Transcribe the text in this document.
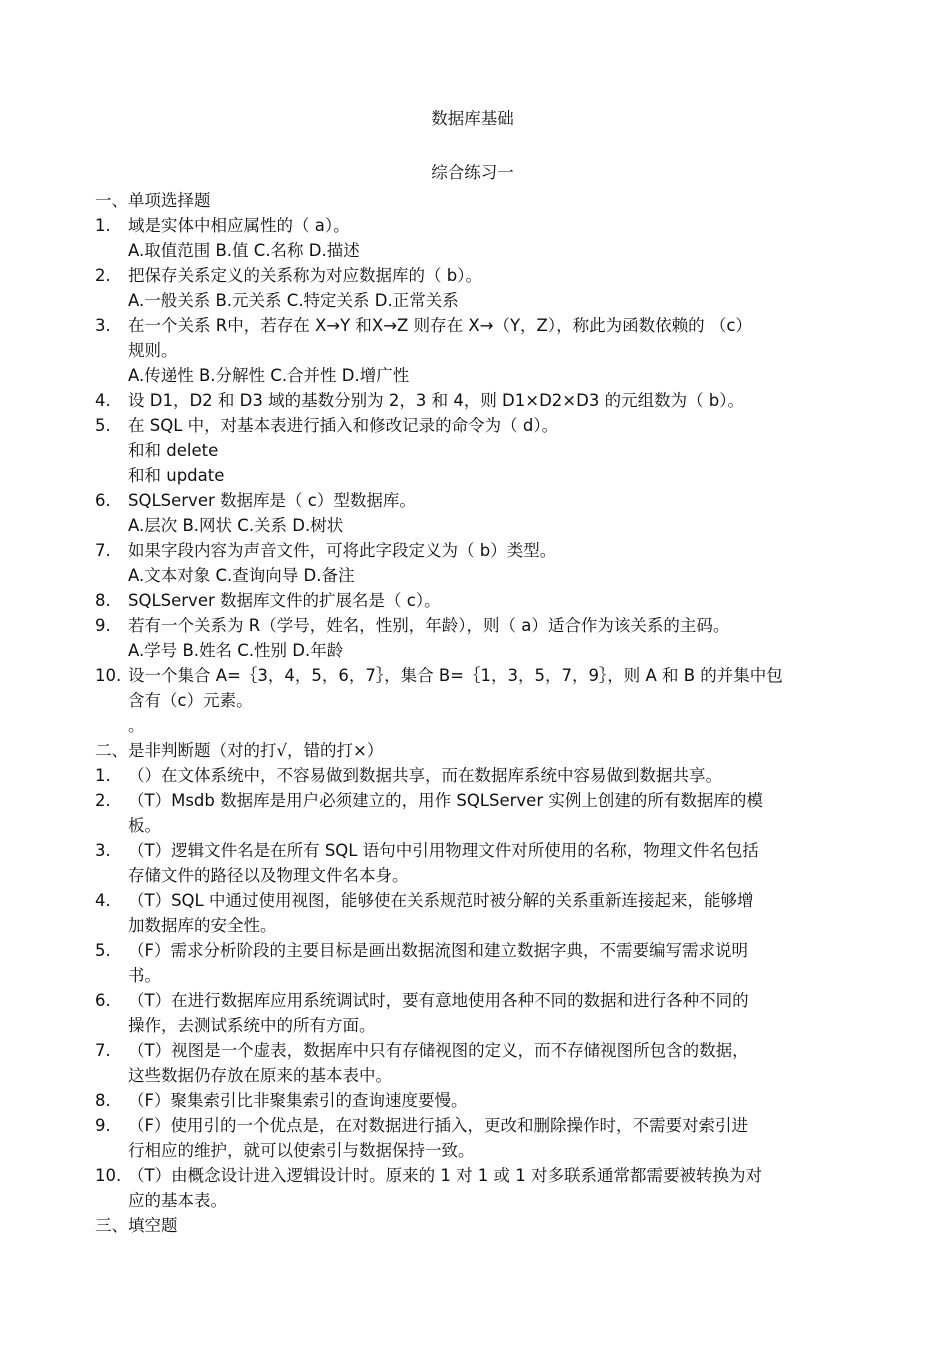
数据库基础
综合练习一
一、单项选择题
1.	域是实体中相应属性的（ a）。
A.取值范围 B.值 C.名称 D.描述
2.	把保存关系定义的关系称为对应数据库的（ b）。
A.一般关系 B.元关系 C.特定关系 D.正常关系
3.	在一个关系 R中，若存在 X→Y 和X→Z 则存在 X→（Y，Z），称此为函数依赖的 （c）
规则。
A.传递性 B.分解性 C.合并性 D.增广性
4.	设 D1，D2 和 D3 域的基数分别为 2，3 和 4，则 D1×D2×D3 的元组数为（ b）。
5.	在 SQL 中，对基本表进行插入和修改记录的命令为（ d）。
和和 delete
和和 update
6.	SQLServer 数据库是（ c）型数据库。
A.层次 B.网状 C.关系 D.树状
7.	如果字段内容为声音文件，可将此字段定义为（ b）类型。
A.文本对象 C.查询向导 D.备注
8.	SQLServer 数据库文件的扩展名是（ c）。
9.	若有一个关系为 R（学号，姓名，性别，年龄），则（ a）适合作为该关系的主码。
A.学号 B.姓名 C.性别 D.年龄
10. 设一个集合 A=｛3，4，5，6，7｝，集合 B=｛1，3，5，7，9｝，则 A 和 B 的并集中包
含有（c）元素。
。
二、是非判断题（对的打√，错的打×）
1.	（）在文体系统中，不容易做到数据共享，而在数据库系统中容易做到数据共享。
2.	（T）Msdb 数据库是用户必须建立的，用作 SQLServer 实例上创建的所有数据库的模
板。
3.	（T）逻辑文件名是在所有 SQL 语句中引用物理文件对所使用的名称，物理文件名包括
存储文件的路径以及物理文件名本身。
4.	（T）SQL 中通过使用视图，能够使在关系规范时被分解的关系重新连接起来，能够增
加数据库的安全性。
5.	（F）需求分析阶段的主要目标是画出数据流图和建立数据字典，不需要编写需求说明
书。
6.	（T）在进行数据库应用系统调试时，要有意地使用各种不同的数据和进行各种不同的
操作，去测试系统中的所有方面。
7.	（T）视图是一个虚表，数据库中只有存储视图的定义，而不存储视图所包含的数据，
这些数据仍存放在原来的基本表中。
8.	（F）聚集索引比非聚集索引的查询速度要慢。
9.	（F）使用引的一个优点是，在对数据进行插入，更改和删除操作时，不需要对索引进
行相应的维护，就可以使索引与数据保持一致。
10. （T）由概念设计进入逻辑设计时。原来的 1 对 1 或 1 对多联系通常都需要被转换为对
应的基本表。
三、填空题
